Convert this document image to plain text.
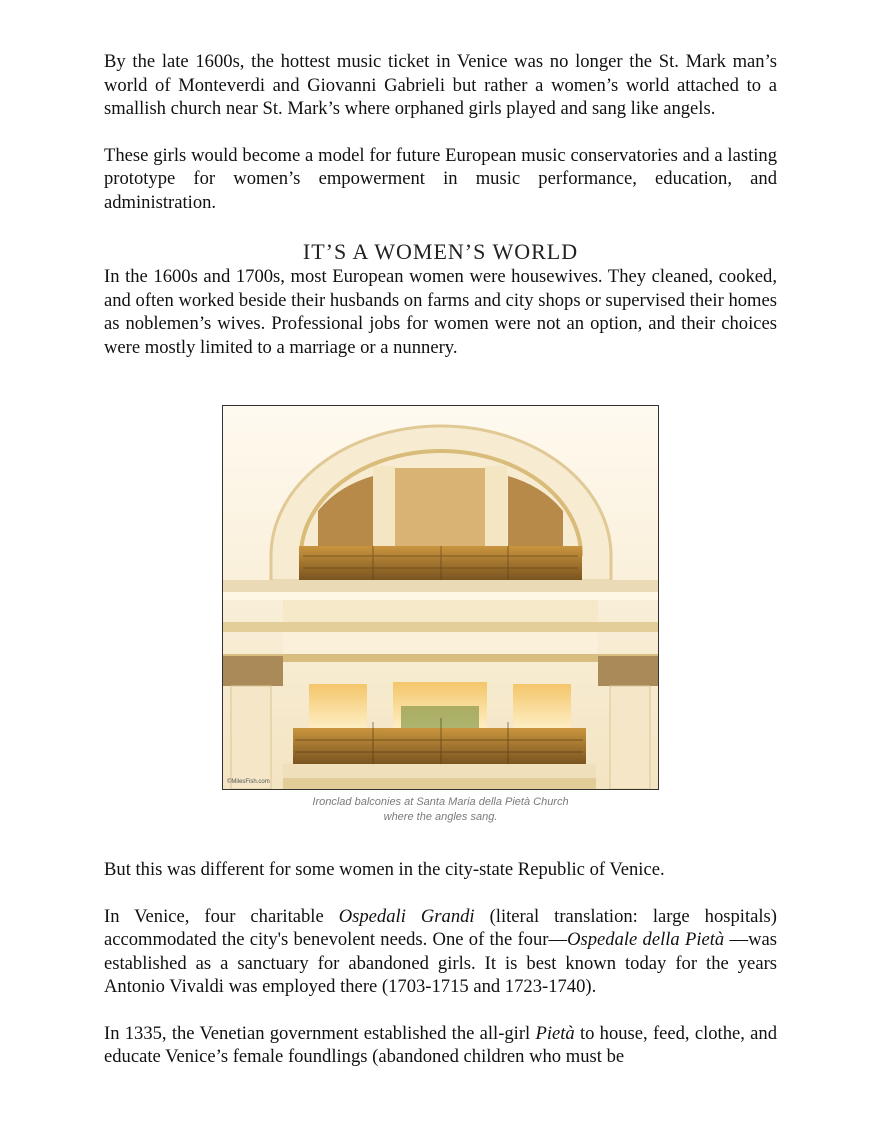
By the late 1600s, the hottest music ticket in Venice was no longer the St. Mark man’s world of Monteverdi and Giovanni Gabrieli but rather a women’s world attached to a smallish church near St. Mark’s where orphaned girls played and sang like angels.

These girls would become a model for future European music conservatories and a lasting prototype for women’s empowerment in music performance, education, and administration.

IT’S A WOMEN’S WORLD

In the 1600s and 1700s, most European women were housewives. They cleaned, cooked, and often worked beside their husbands on farms and city shops or supervised their homes as noblemen’s wives. Professional jobs for women were not an option, and their choices were mostly limited to a marriage or a nunnery.

©MilesFish.com
Ironclad balconies at Santa Maria della Pietà Church
where the angles sang.

But this was different for some women in the city-state Republic of Venice.

In Venice, four charitable Ospedali Grandi (literal translation: large hospitals) accommodated the city's benevolent needs. One of the four—Ospedale della Pietà —was established as a sanctuary for abandoned girls. It is best known today for the years Antonio Vivaldi was employed there (1703-1715 and 1723-1740).

In 1335, the Venetian government established the all-girl Pietà to house, feed, clothe, and educate Venice’s female foundlings (abandoned children who must be
